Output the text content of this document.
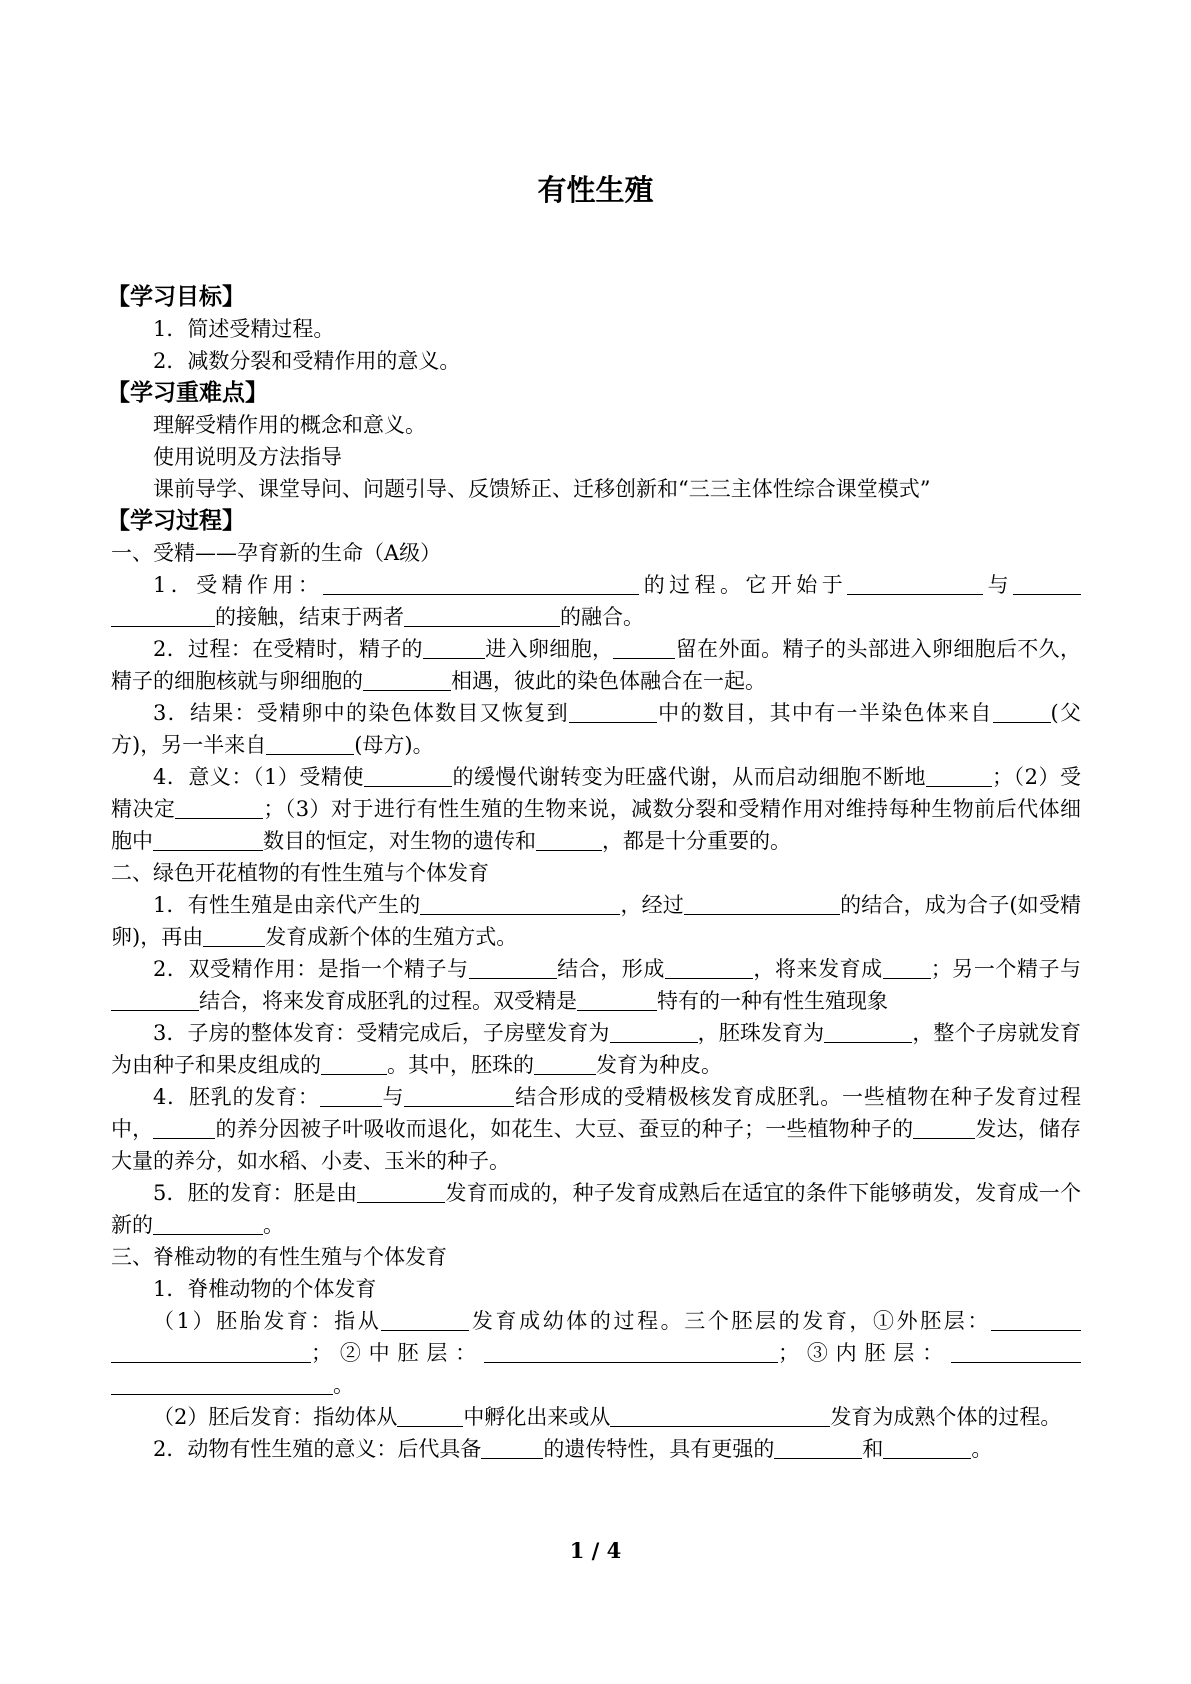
有性生殖

【学习目标】

1．简述受精过程。

2．减数分裂和受精作用的意义。

【学习重难点】

理解受精作用的概念和意义。

使用说明及方法指导

课前导学、课堂导问、问题引导、反馈矫正、迁移创新和“三三主体性综合课堂模式”

【学习过程】

一、受精——孕育新的生命（A级）

1．受精作用：	的过程。它开始于	与的接触，结束于两者	的融合。

2．过程：在受精时，精子的	进入卵细胞，	留在外面。精子的头部进入卵细胞后不久，精子的细胞核就与卵细胞的	相遇，彼此的染色体融合在一起。

3．结果：受精卵中的染色体数目又恢复到	中的数目，其中有一半染色体来自	(父方)，另一半来自	(母方)。

4．意义：（1）受精使	的缓慢代谢转变为旺盛代谢，从而启动细胞不断地	；（2）受精决定	；（3）对于进行有性生殖的生物来说，减数分裂和受精作用对维持每种生物前后代体细胞中	数目的恒定，对生物的遗传和	，都是十分重要的。

二、绿色开花植物的有性生殖与个体发育

1．有性生殖是由亲代产生的	，经过	的结合，成为合子(如受精卵)，再由	发育成新个体的生殖方式。

2．双受精作用：是指一个精子与	结合，形成	，将来发育成 ；另一个精子与结合，将来发育成胚乳的过程。双受精是	特有的一种有性生殖现象

3．子房的整体发育：受精完成后，子房壁发育为	，胚珠发育为	，整个子房就发育为由种子和果皮组成的	。其中，胚珠的	发育为种皮。

4．胚乳的发育：	与	结合形成的受精极核发育成胚乳。一些植物在种子发育过程中，	的养分因被子叶吸收而退化，如花生、大豆、蚕豆的种子；一些植物种子的	发达，储存大量的养分，如水稻、小麦、玉米的种子。

5．胚的发育：胚是由	发育而成的，种子发育成熟后在适宜的条件下能够萌发，发育成一个新的	。

三、脊椎动物的有性生殖与个体发育

1．脊椎动物的个体发育

（1）胚胎发育：指从	发育成幼体的过程。三个胚层的发育，①外胚层：；②中胚层：	；③内胚层：。

（2）胚后发育：指幼体从	中孵化出来或从	发育为成熟个体的过程。

2．动物有性生殖的意义：后代具备	的遗传特性，具有更强的	和	。

1 / 4
